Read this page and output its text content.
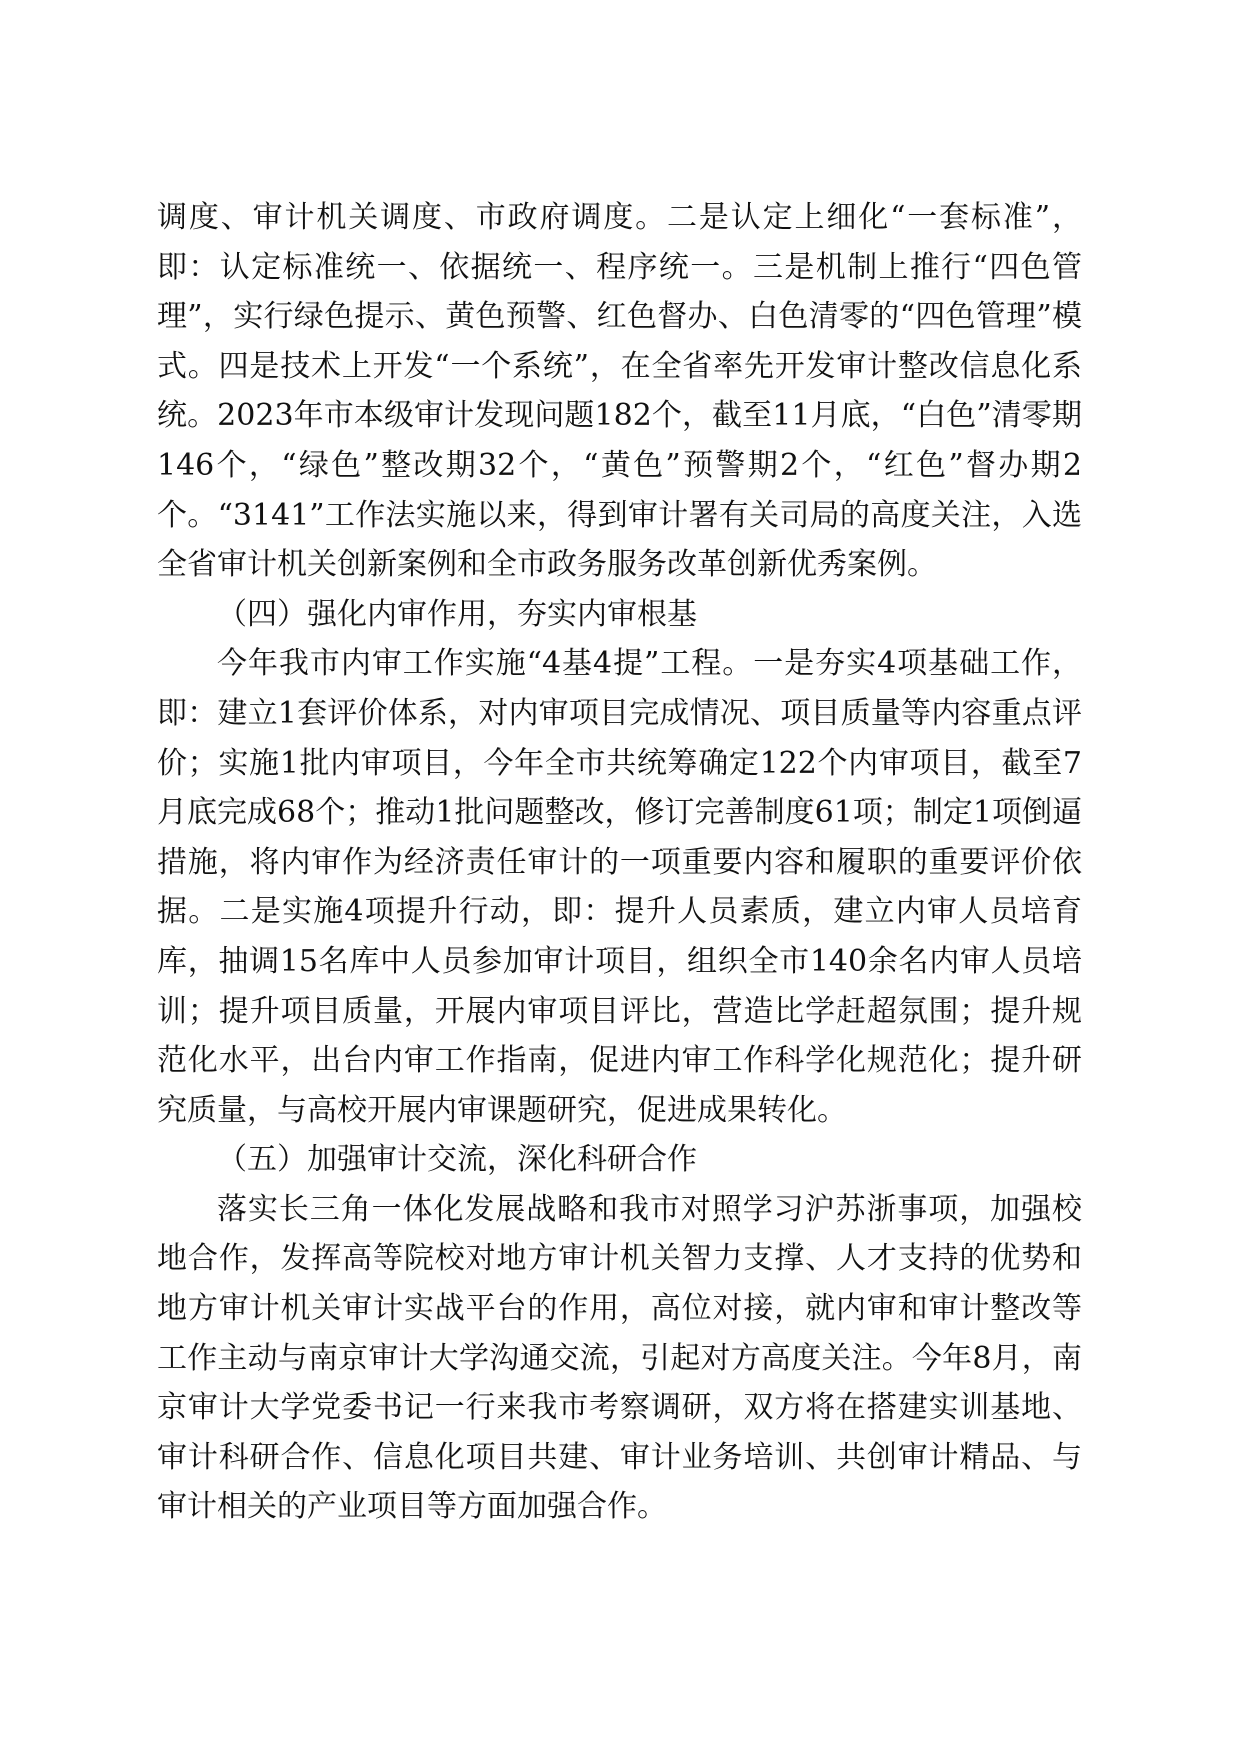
调度、审计机关调度、市政府调度。二是认定上细化“一套标准”，即：认定标准统一、依据统一、程序统一。三是机制上推行“四色管理”，实行绿色提示、黄色预警、红色督办、白色清零的“四色管理”模式。四是技术上开发“一个系统”，在全省率先开发审计整改信息化系统。2023年市本级审计发现问题182个，截至11月底，“白色”清零期146个，“绿色”整改期32个，“黄色”预警期2个，“红色”督办期2个。“3141”工作法实施以来，得到审计署有关司局的高度关注，入选全省审计机关创新案例和全市政务服务改革创新优秀案例。

（四）强化内审作用，夯实内审根基

今年我市内审工作实施“4基4提”工程。一是夯实4项基础工作，即：建立1套评价体系，对内审项目完成情况、项目质量等内容重点评价；实施1批内审项目，今年全市共统筹确定122个内审项目，截至7月底完成68个；推动1批问题整改，修订完善制度61项；制定1项倒逼措施，将内审作为经济责任审计的一项重要内容和履职的重要评价依据。二是实施4项提升行动，即：提升人员素质，建立内审人员培育库，抽调15名库中人员参加审计项目，组织全市140余名内审人员培训；提升项目质量，开展内审项目评比，营造比学赶超氛围；提升规范化水平，出台内审工作指南，促进内审工作科学化规范化；提升研究质量，与高校开展内审课题研究，促进成果转化。

（五）加强审计交流，深化科研合作

落实长三角一体化发展战略和我市对照学习沪苏浙事项，加强校地合作，发挥高等院校对地方审计机关智力支撑、人才支持的优势和地方审计机关审计实战平台的作用，高位对接，就内审和审计整改等工作主动与南京审计大学沟通交流，引起对方高度关注。今年8月，南京审计大学党委书记一行来我市考察调研，双方将在搭建实训基地、审计科研合作、信息化项目共建、审计业务培训、共创审计精品、与审计相关的产业项目等方面加强合作。
